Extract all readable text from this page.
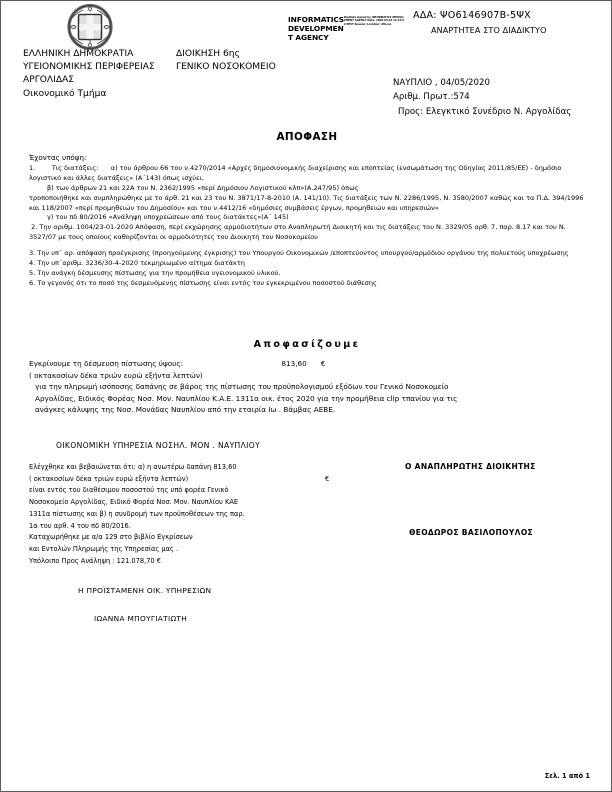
INFORMATICS
DEVELOPMEN
T AGENCY
Digitally signed by INFORMATICS DEVELOPMENT AGENCY Date: 2020.05.04 11:31:56 EEST Reason: Location: Athens
ΑΔΑ: ΨΟ6146907Β-5ΨΧ
ΑΝΑΡΤΗΤΕΑ ΣΤΟ ΔΙΑΔΙΚΤΥΟ
ΕΛΛΗΝΙΚΗ ΔΗΜΟΚΡΑΤΙΑ
ΥΓΕΙΟΝΟΜΙΚΗΣ ΠΕΡΙΦΕΡΕΙΑΣ
ΑΡΓΟΛΙΔΑΣ
Οικονομικό Τμήμα
ΔΙΟΙΚΗΣΗ 6ης
ΓΕΝΙΚΟ ΝΟΣΟΚΟΜΕΙΟ
ΝΑΥΠΛΙΟ , 04/05/2020
Αριθμ. Πρωτ.:574
Προς: Ελεγκτικό Συνέδριο Ν. Αργολίδας
ΑΠΟΦΑΣΗ

Έχοντας υπόψη:

1.        Τις διατάξεις:      α) του άρθρου 66 του ν.4270/2014 «Αρχές δημοσιονομικής διαχείρισης και εποπτείας (ενσωμάτωση της Οδηγίας 2011/85/ΕΕ) - δημόσιο λογιστικό και άλλες διατάξεις» (Α΄143) όπως ισχύει,

β) των άρθρων 21 και 22Α του Ν. 2362/1995 «περί Δημόσιου Λογιστικού κλπ»(Α.247/95) όπως

τροποποιήθηκε και συμπληρώθηκε με το άρθ. 21 και 23 του Ν. 3871/17-8-2010 (Α. 141/10). Τις διατάξεις των Ν. 2286/1995, Ν. 3580/2007 καθώς και τα Π.Δ. 394/1996 και 118/2007 «περί προμηθειών του Δημοσίου» και του ν.4412/16 «δημόσιες συμβάσεις έργων, προμηθειών και υπηρεσιών»

γ) του πδ 80/2016 «Ανάληψη υποχρεώσεων από τους διατάκτες»(Α΄ 145)

2. Την αριθμ. 1004/23-01-2020 Απόφαση, περί εκχώρησης αρμοδιοτήτων στο Αναπληρωτή Διοικητή και τις διατάξεις του Ν. 3329/05 αρθ. 7, παρ. 8.17 και του Ν. 3527/07 με τους οποίους καθορίζονται οι αρμοδιότητες του Διοικητή του Νοσοκομείου

3. Την υπ΄ αρ. απόφαση προέγκρισης (προηγούμενης έγκρισης) του Υπουργού Οικονομικών /εποπτεύοντος υπουργού/αρμόδιου οργάνου της πολυετούς υποχρέωσης

4. Την υπ΄αριθμ. 3236/30-4-2020 τεκμηριωμένο αίτημα διατάκτη

5. Την ανάγκη δέσμευσης πίστωσης για την προμήθεια υγειονομικού υλικού.

6. Το γεγονός ότι το ποσό της δεσμευόμενης πίστωσης είναι εντός του εγκεκριμένου ποσοστού διάθεσης

Αποφασίζουμε

Εγκρίνουμε τη δέσμευση πίστωσης ύψους:	813,60 €

( οκτακοσίων δέκα τριών ευρώ εξήντα λεπτών)

για την πληρωμή ισόποσης δαπάνης σε βάρος της πίστωσης του προϋπολογισμού εξόδων του Γενικό Νοσοκομείο

Αργολίδας, Ειδικός Φορέας Νοσ. Μον. Ναυπλίου Κ.Α.Ε. 1311α οικ. έτος 2020 για την προμήθεια clip τπανίου για τις

ανάγκες κάλυψης της Νοσ. Μονάδας Ναυπλίου από την εταιρία Ιω . Βάμβας ΑΕΒΕ.

ΟΙΚΟΝΟΜΙΚΗ ΥΠΗΡΕΣΙΑ ΝΟΣΗΛ. ΜΟΝ . ΝΑΥΠΛΙΟΥ

Ελέγχθηκε και βεβαιώνεται ότι: α) η ανωτέρω δαπάνη 813,60

( οκτακοσίων δέκα τριών ευρώ εξήντα λεπτών)	€

είναι εντός του διαθέσιμου ποσοστού της υπό φορέα Γενικό

Νοσοκομείο Αργολίδας, Ειδικό Φορέα Νοσ. Μον. Ναυπλίου ΚΑΕ

1311α πίστωσης και β) η συνδρομή των προϋποθέσεων της παρ.

1α του αρθ. 4 του πδ 80/2016.

Καταχωρήθηκε με α/α 129 στο βιβλίο Εγκρίσεων

και Εντολών Πληρωμής της Υπηρεσίας μας .

Υπόλοιπο Προς Ανάληψη : 121.078,70 €

Ο ΑΝΑΠΛΗΡΩΤΗΣ ΔΙΟΙΚΗΤΗΣ
ΘΕΟΔΩΡΟΣ ΒΑΣΙΛΟΠΟΥΛΟΣ
Η ΠΡΟΪΣΤΑΜΕΝΗ ΟΙΚ. ΥΠΗΡΕΣΙΩΝ
ΙΩΑΝΝΑ ΜΠΟΥΓΙΑΤΙΩΤΗ
Σελ. 1 από 1
